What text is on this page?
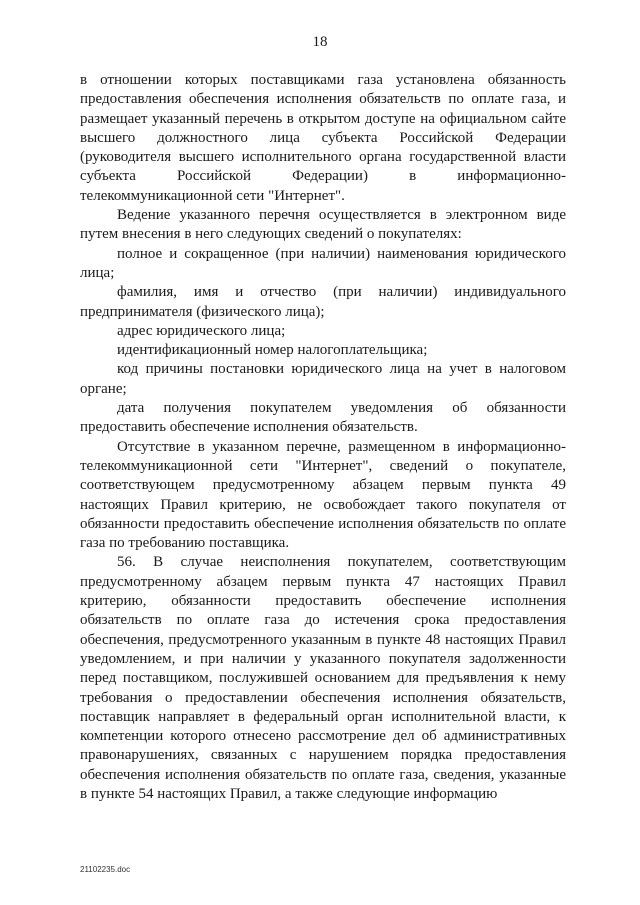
18

в отношении которых поставщиками газа установлена обязанность предоставления обеспечения исполнения обязательств по оплате газа, и размещает указанный перечень в открытом доступе на официальном сайте высшего должностного лица субъекта Российской Федерации (руководителя высшего исполнительного органа государственной власти субъекта Российской Федерации) в информационно-телекоммуникационной сети "Интернет".

Ведение указанного перечня осуществляется в электронном виде путем внесения в него следующих сведений о покупателях:

полное и сокращенное (при наличии) наименования юридического лица;

фамилия, имя и отчество (при наличии) индивидуального предпринимателя (физического лица);

адрес юридического лица;

идентификационный номер налогоплательщика;

код причины постановки юридического лица на учет в налоговом органе;

дата получения покупателем уведомления об обязанности предоставить обеспечение исполнения обязательств.

Отсутствие в указанном перечне, размещенном в информационно-телекоммуникационной сети "Интернет", сведений о покупателе, соответствующем предусмотренному абзацем первым пункта 49 настоящих Правил критерию, не освобождает такого покупателя от обязанности предоставить обеспечение исполнения обязательств по оплате газа по требованию поставщика.

56. В случае неисполнения покупателем, соответствующим предусмотренному абзацем первым пункта 47 настоящих Правил критерию, обязанности предоставить обеспечение исполнения обязательств по оплате газа до истечения срока предоставления обеспечения, предусмотренного указанным в пункте 48 настоящих Правил уведомлением, и при наличии у указанного покупателя задолженности перед поставщиком, послужившей основанием для предъявления к нему требования о предоставлении обеспечения исполнения обязательств, поставщик направляет в федеральный орган исполнительной власти, к компетенции которого отнесено рассмотрение дел об административных правонарушениях, связанных с нарушением порядка предоставления обеспечения исполнения обязательств по оплате газа, сведения, указанные в пункте 54 настоящих Правил, а также следующие информацию

21102235.doc
